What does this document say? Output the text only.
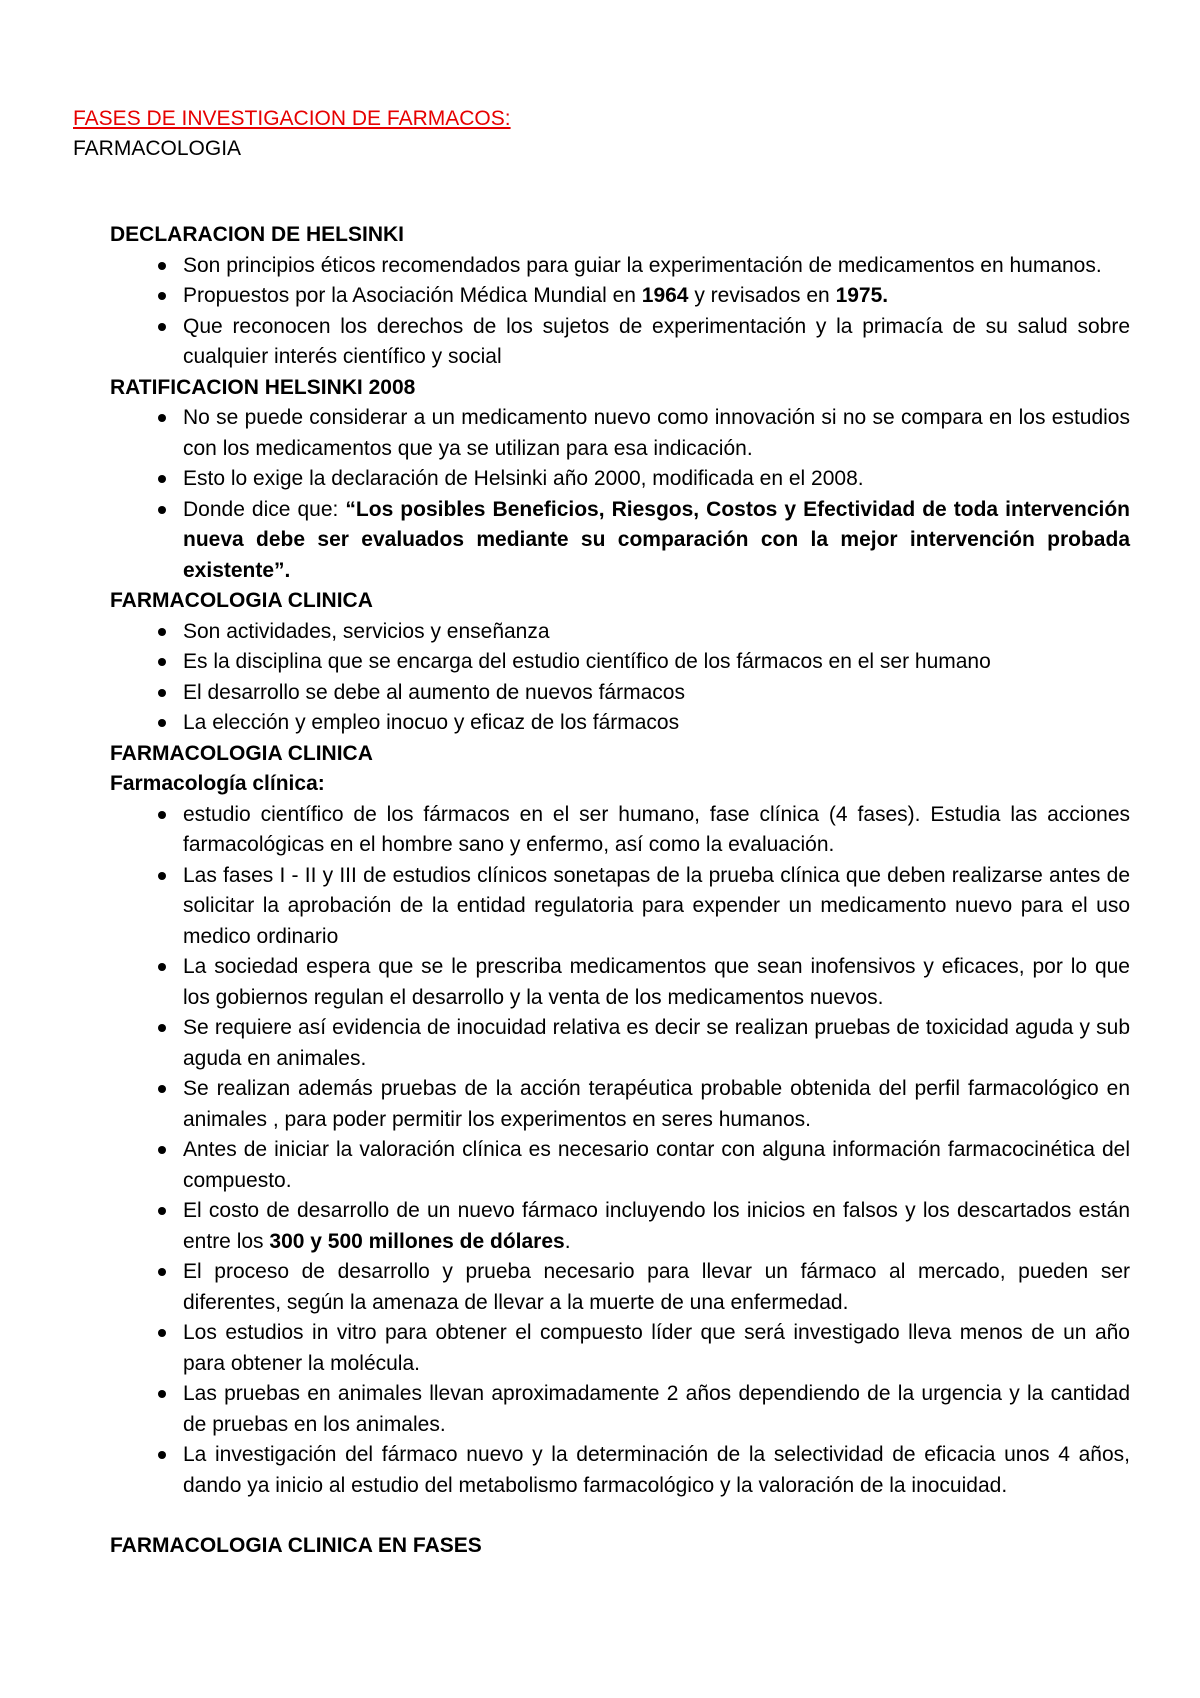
FASES DE INVESTIGACION DE FARMACOS:
FARMACOLOGIA
DECLARACION DE HELSINKI
Son principios éticos recomendados para guiar la experimentación de medicamentos en humanos.
Propuestos por la Asociación Médica Mundial en 1964 y revisados en 1975.
Que reconocen los derechos de los sujetos de experimentación y la primacía de su salud sobre cualquier interés científico y social
RATIFICACION HELSINKI 2008
No se puede considerar a un medicamento nuevo como innovación si no se compara en los estudios con los medicamentos que ya se utilizan para esa indicación.
Esto lo exige la declaración de Helsinki año 2000, modificada en el 2008.
Donde dice que: “Los posibles Beneficios, Riesgos, Costos y Efectividad de toda intervención nueva debe ser evaluados mediante su comparación con la mejor intervención probada existente”.
FARMACOLOGIA CLINICA
Son actividades, servicios y enseñanza
Es la disciplina que se encarga del estudio científico de los fármacos en el ser humano
El desarrollo se debe al aumento de nuevos fármacos
La elección y empleo inocuo y eficaz de los fármacos
FARMACOLOGIA CLINICA
Farmacología clínica:
estudio científico de los fármacos en el ser humano, fase clínica (4 fases). Estudia las acciones farmacológicas en el hombre sano y enfermo, así como la evaluación.
Las fases I - II y III de estudios clínicos sonetapas de la prueba clínica que deben realizarse antes de solicitar la aprobación de la entidad regulatoria para expender un medicamento nuevo para el uso medico ordinario
La sociedad espera que se le prescriba medicamentos que sean inofensivos y eficaces, por lo que los gobiernos regulan el desarrollo y la venta de los medicamentos nuevos.
Se requiere así evidencia de inocuidad relativa es decir se realizan pruebas de toxicidad aguda y sub aguda en animales.
Se realizan además pruebas de la acción terapéutica probable obtenida del perfil farmacológico en animales , para poder permitir los experimentos en seres humanos.
Antes de iniciar la valoración clínica es necesario contar con alguna información farmacocinética del compuesto.
El costo de desarrollo de un nuevo fármaco incluyendo los inicios en falsos y los descartados están entre los 300 y 500 millones de dólares.
El proceso de desarrollo y prueba necesario para llevar un fármaco al mercado, pueden ser diferentes, según la amenaza de llevar a la muerte de una enfermedad.
Los estudios in vitro para obtener el compuesto líder que será investigado lleva menos de un año para obtener la molécula.
Las pruebas en animales llevan aproximadamente 2 años dependiendo de la urgencia y la cantidad de pruebas en los animales.
La investigación del fármaco nuevo y la determinación de la selectividad de eficacia unos 4 años, dando ya inicio al estudio del metabolismo farmacológico y la valoración de la inocuidad.
FARMACOLOGIA CLINICA EN FASES
